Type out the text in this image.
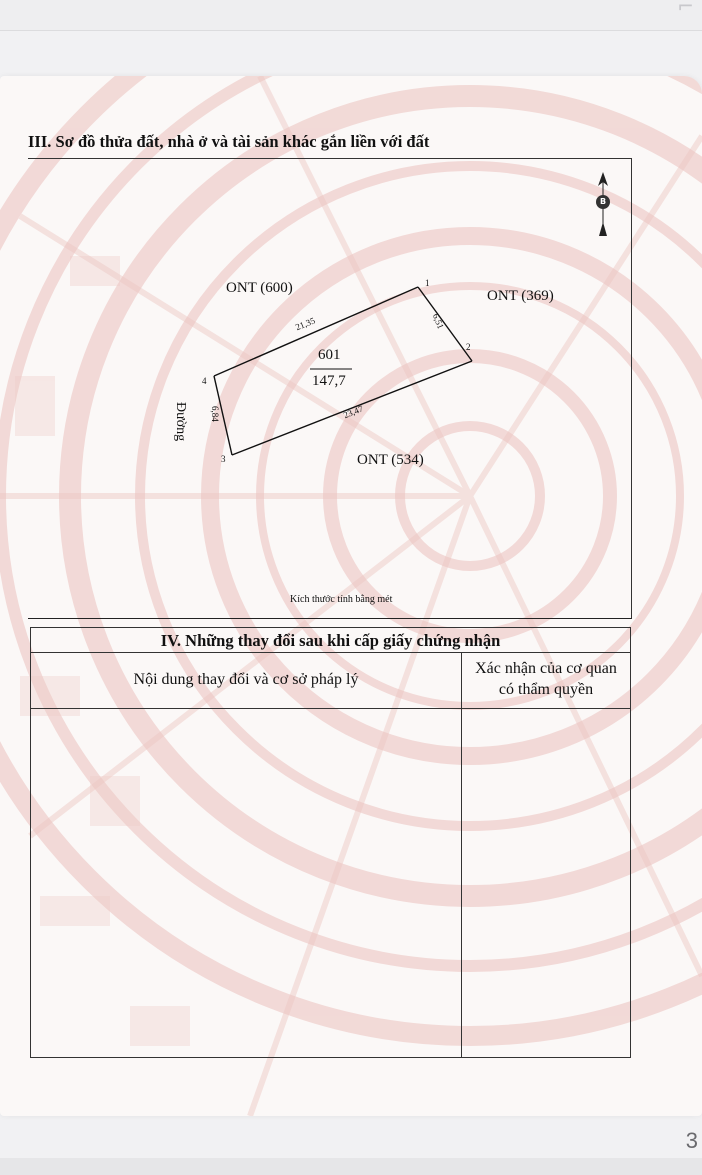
⌐
III. Sơ đồ thửa đất, nhà ở và tài sản khác gắn liền với đất
B
ONT (600)	ONT (369)
ONT (534)
601
147,7
1
2
3
4
21,35	6,51
23,47
6,84
Đường
Kích thước tính bằng mét
IV. Những thay đổi sau khi cấp giấy chứng nhận
Nội dung thay đổi và cơ sở pháp lý
Xác nhận của cơ quan
có thẩm quyền
3
